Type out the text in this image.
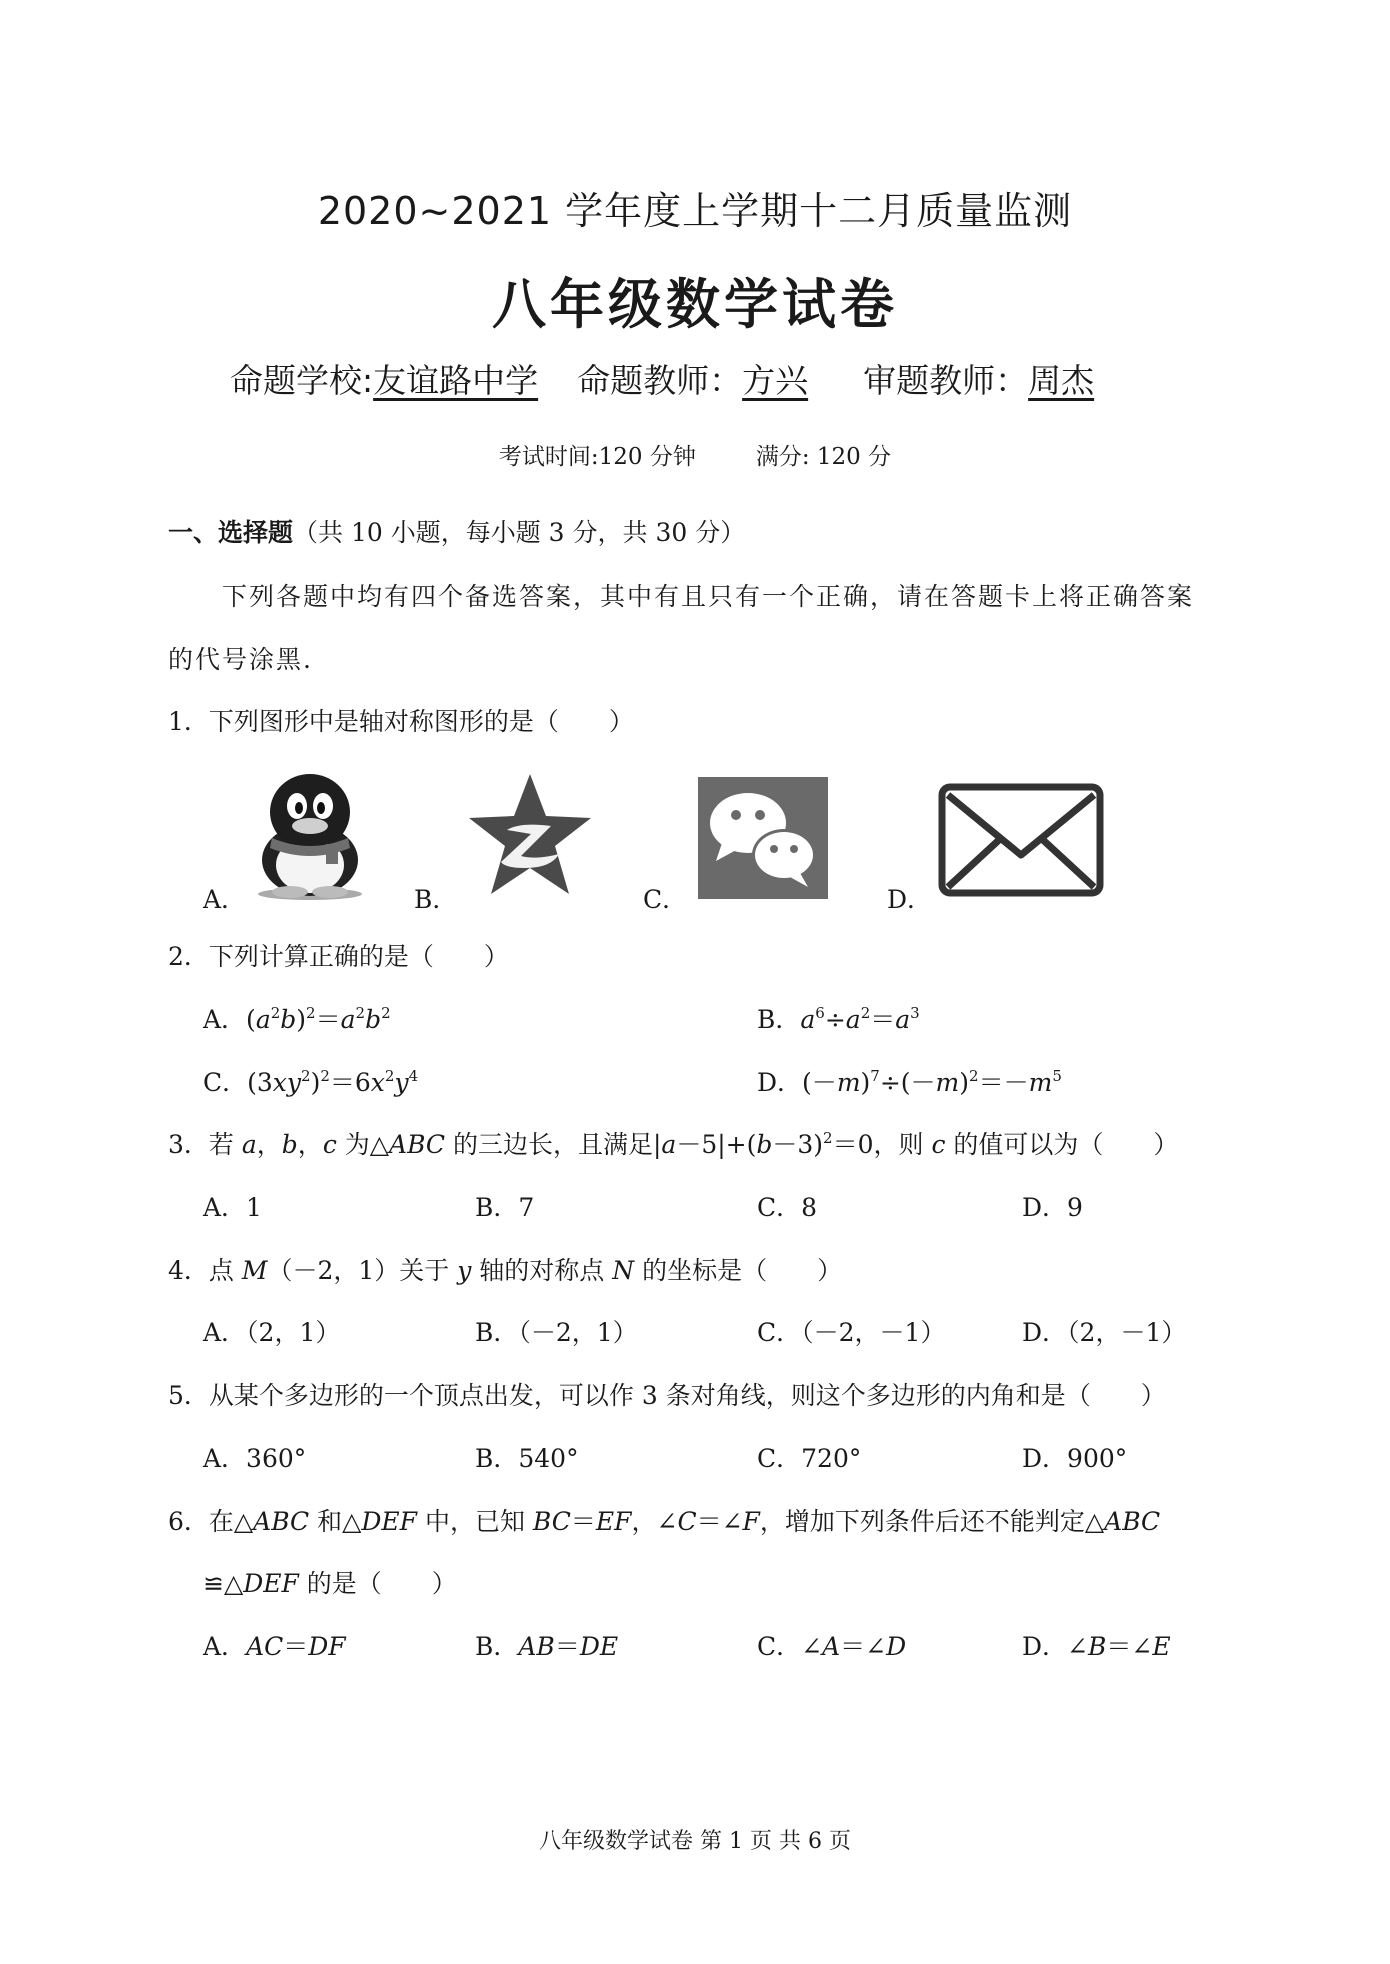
2020~2021 学年度上学期十二月质量监测
八年级数学试卷
命题学校:友谊路中学 命题教师：方兴 审题教师：周杰
考试时间:120 分钟	满分: 120 分
一、选择题（共 10 小题，每小题 3 分，共 30 分）
下列各题中均有四个备选答案，其中有且只有一个正确，请在答题卡上将正确答案
的代号涂黑.
1．下列图形中是轴对称图形的是（　　）
A．	B．	C．	D．
2．下列计算正确的是（　　）
A．$(a^2b)^2=a^2b^2$	B．$a^6\div a^2=a^3$
C．$(3xy^2)^2=6x^2y^4$	D．$(-m)^7\div(-m)^2=-m^5$
3．若 a，b，c 为△ABC 的三边长，且满足$|a-5|+(b-3)^2=0$，则 c 的值可以为（　　）
A．1	B．7	C．8	D．9
4．点 M（－2，1）关于 y 轴的对称点 N 的坐标是（　　）
A．（2，1）	B．（－2，1）	C．（－2，－1）	D．（2，－1）
5．从某个多边形的一个顶点出发，可以作 3 条对角线，则这个多边形的内角和是（　　）
A．360°	B．540°	C．720°	D．900°
6．在△ABC 和△DEF 中，已知 BC＝EF，∠C＝∠F，增加下列条件后还不能判定△ABC
≌△DEF 的是（　　）
A．AC＝DF	B．AB＝DE	C．∠A＝∠D	D．∠B＝∠E
八年级数学试卷 第 1 页 共 6 页
